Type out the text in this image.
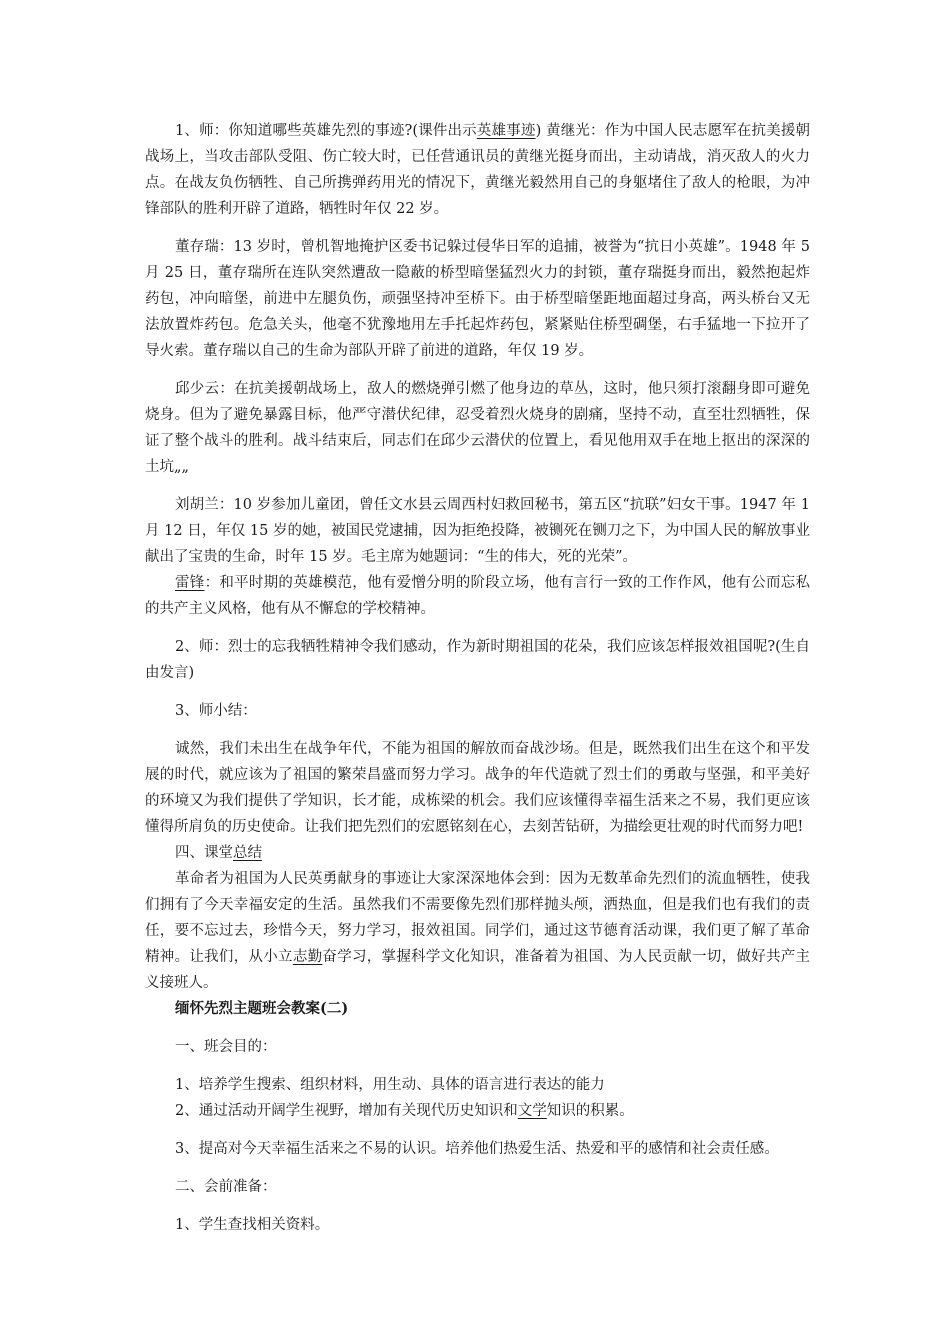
1、师：你知道哪些英雄先烈的事迹?(课件出示英雄事迹) 黄继光：作为中国人民志愿军在抗美援朝战场上，当攻击部队受阻、伤亡较大时，已任营通讯员的黄继光挺身而出，主动请战，消灭敌人的火力点。在战友负伤牺牲、自己所携弹药用光的情况下，黄继光毅然用自己的身躯堵住了敌人的枪眼，为冲锋部队的胜利开辟了道路，牺牲时年仅 22 岁。

董存瑞：13 岁时，曾机智地掩护区委书记躲过侵华日军的追捕，被誉为“抗日小英雄”。1948 年 5 月 25 日，董存瑞所在连队突然遭敌一隐蔽的桥型暗堡猛烈火力的封锁，董存瑞挺身而出，毅然抱起炸药包，冲向暗堡，前进中左腿负伤，顽强坚持冲至桥下。由于桥型暗堡距地面超过身高，两头桥台又无法放置炸药包。危急关头，他毫不犹豫地用左手托起炸药包，紧紧贴住桥型碉堡，右手猛地一下拉开了导火索。董存瑞以自己的生命为部队开辟了前进的道路，年仅 19 岁。

邱少云：在抗美援朝战场上，敌人的燃烧弹引燃了他身边的草丛，这时，他只须打滚翻身即可避免烧身。但为了避免暴露目标，他严守潜伏纪律，忍受着烈火烧身的剧痛，坚持不动，直至壮烈牺牲，保证了整个战斗的胜利。战斗结束后，同志们在邱少云潜伏的位置上，看见他用双手在地上抠出的深深的土坑„„

刘胡兰：10 岁参加儿童团，曾任文水县云周西村妇救回秘书，第五区“抗联”妇女干事。1947 年 1 月 12 日，年仅 15 岁的她，被国民党逮捕，因为拒绝投降，被铡死在铡刀之下，为中国人民的解放事业献出了宝贵的生命，时年 15 岁。毛主席为她题词：“生的伟大，死的光荣”。

雷锋：和平时期的英雄模范，他有爱憎分明的阶段立场，他有言行一致的工作作风，他有公而忘私的共产主义风格，他有从不懈怠的学校精神。

2、师：烈士的忘我牺牲精神令我们感动，作为新时期祖国的花朵，我们应该怎样报效祖国呢?(生自由发言)

3、师小结：

诚然，我们未出生在战争年代，不能为祖国的解放而奋战沙场。但是，既然我们出生在这个和平发展的时代，就应该为了祖国的繁荣昌盛而努力学习。战争的年代造就了烈士们的勇敢与坚强，和平美好的环境又为我们提供了学知识，长才能，成栋梁的机会。我们应该懂得幸福生活来之不易，我们更应该懂得所肩负的历史使命。让我们把先烈们的宏愿铭刻在心，去刻苦钻研，为描绘更壮观的时代而努力吧!

四、课堂总结

革命者为祖国为人民英勇献身的事迹让大家深深地体会到：因为无数革命先烈们的流血牺牲，使我们拥有了今天幸福安定的生活。虽然我们不需要像先烈们那样抛头颅，洒热血，但是我们也有我们的责任，要不忘过去，珍惜今天，努力学习，报效祖国。同学们，通过这节德育活动课，我们更了解了革命精神。让我们，从小立志勤奋学习，掌握科学文化知识，准备着为祖国、为人民贡献一切，做好共产主义接班人。

缅怀先烈主题班会教案(二)

一、班会目的：

1、培养学生搜索、组织材料，用生动、具体的语言进行表达的能力

2、通过活动开阔学生视野，增加有关现代历史知识和文学知识的积累。

3、提高对今天幸福生活来之不易的认识。培养他们热爱生活、热爱和平的感情和社会责任感。

二、会前准备：

1、学生查找相关资料。
